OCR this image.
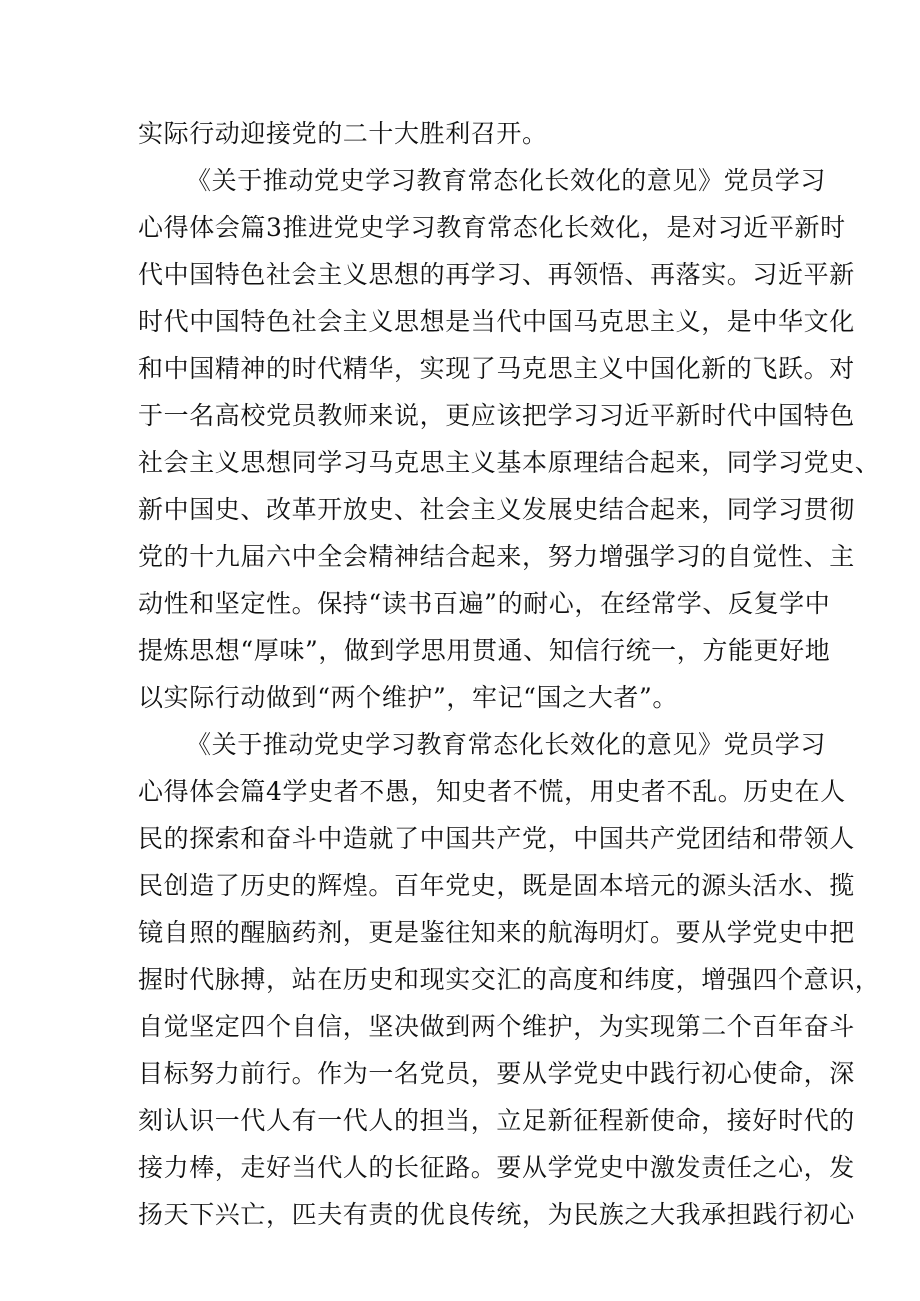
实际行动迎接党的二十大胜利召开。
《关于推动党史学习教育常态化长效化的意见》党员学习
心得体会篇3推进党史学习教育常态化长效化，是对习近平新时
代中国特色社会主义思想的再学习、再领悟、再落实。习近平新
时代中国特色社会主义思想是当代中国马克思主义，是中华文化
和中国精神的时代精华，实现了马克思主义中国化新的飞跃。对
于一名高校党员教师来说，更应该把学习习近平新时代中国特色
社会主义思想同学习马克思主义基本原理结合起来，同学习党史、
新中国史、改革开放史、社会主义发展史结合起来，同学习贯彻
党的十九届六中全会精神结合起来，努力增强学习的自觉性、主
动性和坚定性。保持“读书百遍”的耐心，在经常学、反复学中
提炼思想“厚味”，做到学思用贯通、知信行统一，方能更好地
以实际行动做到“两个维护”，牢记“国之大者”。
《关于推动党史学习教育常态化长效化的意见》党员学习
心得体会篇4学史者不愚，知史者不慌，用史者不乱。历史在人
民的探索和奋斗中造就了中国共产党，中国共产党团结和带领人
民创造了历史的辉煌。百年党史，既是固本培元的源头活水、揽
镜自照的醒脑药剂，更是鉴往知来的航海明灯。要从学党史中把
握时代脉搏，站在历史和现实交汇的高度和纬度，增强四个意识，
自觉坚定四个自信，坚决做到两个维护，为实现第二个百年奋斗
目标努力前行。作为一名党员，要从学党史中践行初心使命，深
刻认识一代人有一代人的担当，立足新征程新使命，接好时代的
接力棒，走好当代人的长征路。要从学党史中激发责任之心，发
扬天下兴亡，匹夫有责的优良传统，为民族之大我承担践行初心
